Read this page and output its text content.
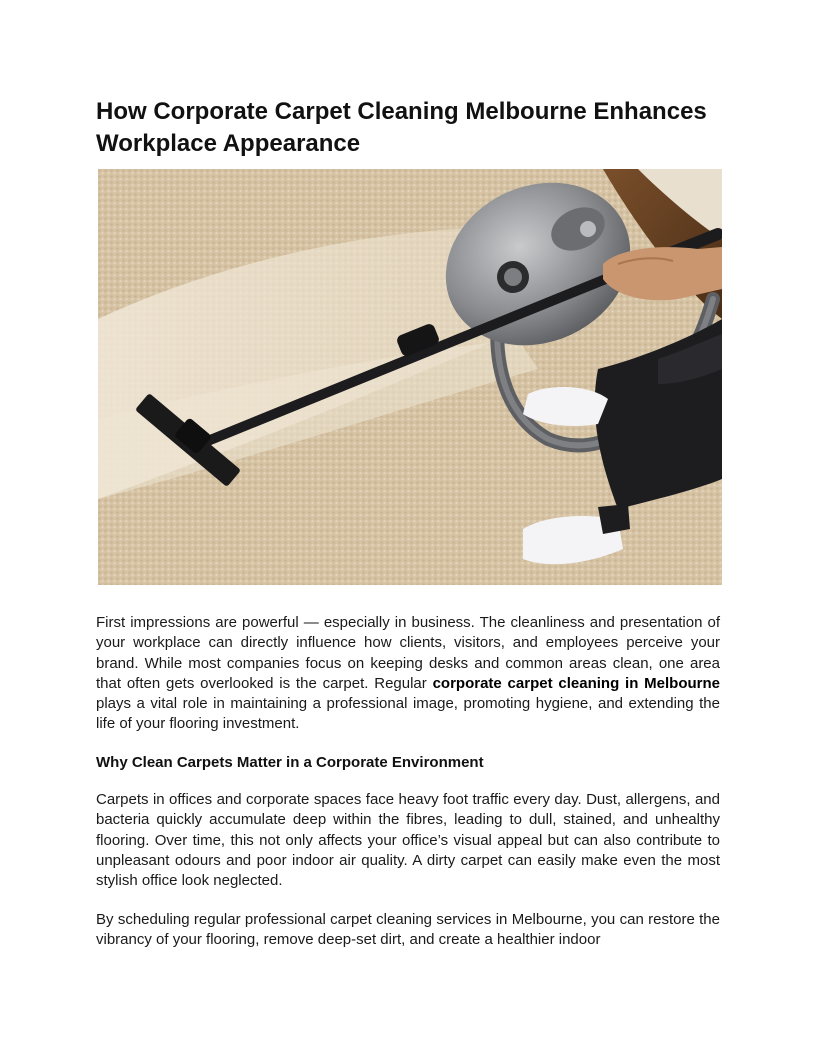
How Corporate Carpet Cleaning Melbourne Enhances Workplace Appearance

First impressions are powerful — especially in business. The cleanliness and presentation of your workplace can directly influence how clients, visitors, and employees perceive your brand. While most companies focus on keeping desks and common areas clean, one area that often gets overlooked is the carpet. Regular corporate carpet cleaning in Melbourne plays a vital role in maintaining a professional image, promoting hygiene, and extending the life of your flooring investment.

Why Clean Carpets Matter in a Corporate Environment

Carpets in offices and corporate spaces face heavy foot traffic every day. Dust, allergens, and bacteria quickly accumulate deep within the fibres, leading to dull, stained, and unhealthy flooring. Over time, this not only affects your office’s visual appeal but can also contribute to unpleasant odours and poor indoor air quality. A dirty carpet can easily make even the most stylish office look neglected.

By scheduling regular professional carpet cleaning services in Melbourne, you can restore the vibrancy of your flooring, remove deep-set dirt, and create a healthier indoor
